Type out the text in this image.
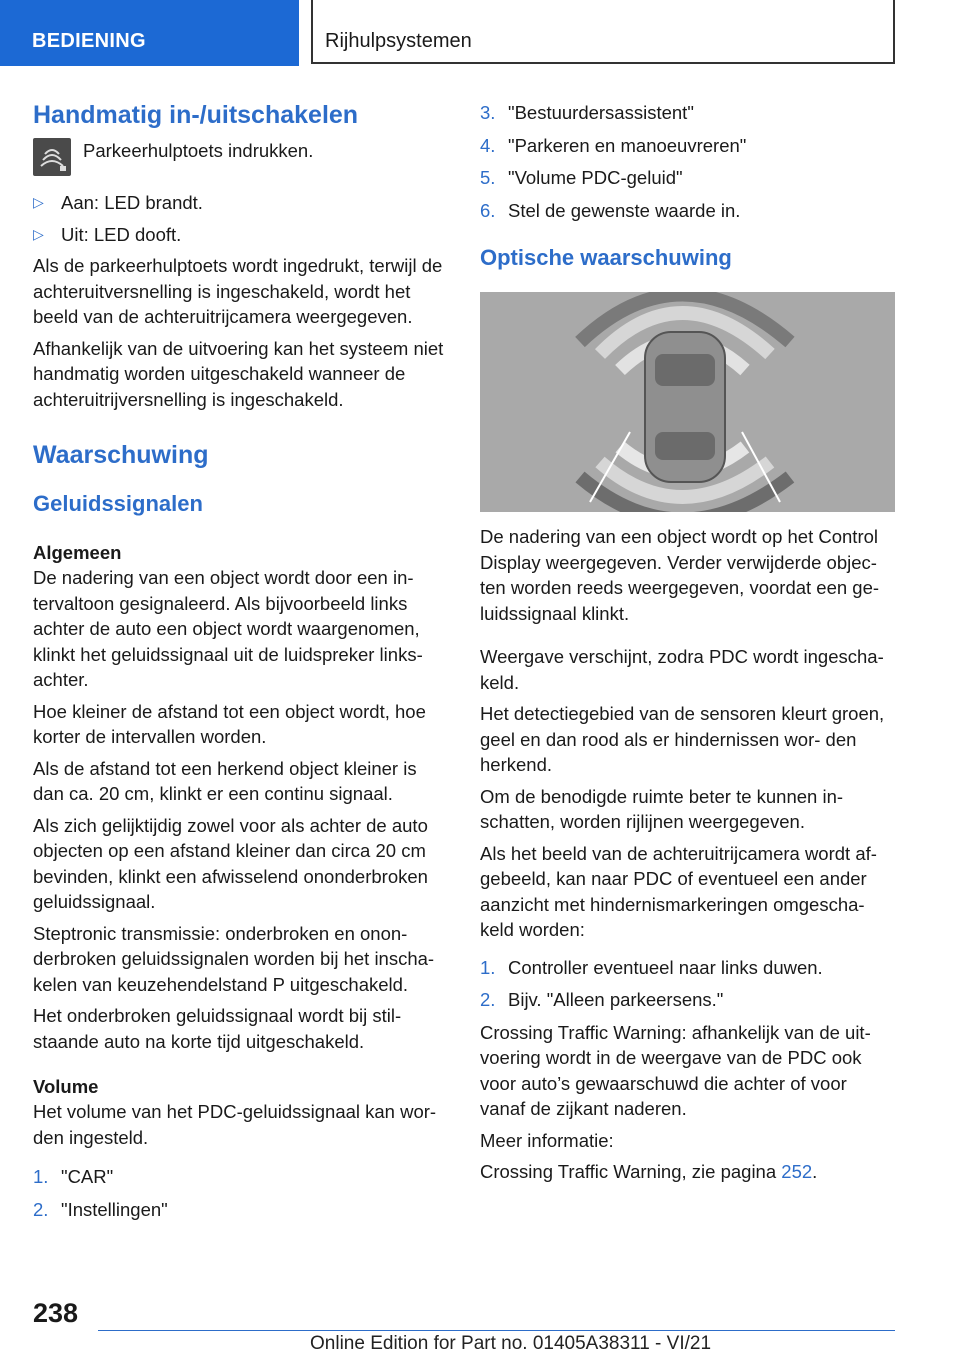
BEDIENING	Rijhulpsystemen
Handmatig in-/uitschakelen

Parkeerhulptoets indrukken.

▷ Aan: LED brandt.
▷ Uit: LED dooft.

Als de parkeerhulptoets wordt ingedrukt, terwijl de achteruitversnelling is ingeschakeld, wordt het beeld van de achteruitrijcamera weergegeven.

Afhankelijk van de uitvoering kan het systeem niet handmatig worden uitgeschakeld wanneer de achteruitrijversnelling is ingeschakeld.

Waarschuwing
Geluidssignalen
Algemeen

De nadering van een object wordt door een in- tervaltoon gesignaleerd. Als bijvoorbeeld links achter de auto een object wordt waargenomen, klinkt het geluidssignaal uit de luidspreker links- achter.

Hoe kleiner de afstand tot een object wordt, hoe korter de intervallen worden.

Als de afstand tot een herkend object kleiner is dan ca. 20 cm, klinkt er een continu signaal.

Als zich gelijktijdig zowel voor als achter de auto objecten op een afstand kleiner dan circa 20 cm bevinden, klinkt een afwisselend ononderbroken geluidssignaal.

Steptronic transmissie: onderbroken en onon- derbroken geluidssignalen worden bij het inscha- kelen van keuzehendelstand P uitgeschakeld.

Het onderbroken geluidssignaal wordt bij stil- staande auto na korte tijd uitgeschakeld.

Volume

Het volume van het PDC-geluidssignaal kan wor- den ingesteld.

1. "CAR"
2. "Instellingen"
3. "Bestuurdersassistent"
4. "Parkeren en manoeuvreren"
5. "Volume PDC-geluid"
6. Stel de gewenste waarde in.
Optische waarschuwing

De nadering van een object wordt op het Control Display weergegeven. Verder verwijderde objec- ten worden reeds weergegeven, voordat een ge- luidssignaal klinkt.

Weergave verschijnt, zodra PDC wordt ingescha- keld.

Het detectiegebied van de sensoren kleurt groen, geel en dan rood als er hindernissen wor- den herkend.

Om de benodigde ruimte beter te kunnen in- schatten, worden rijlijnen weergegeven.

Als het beeld van de achteruitrijcamera wordt af- gebeeld, kan naar PDC of eventueel een ander aanzicht met hindernismarkeringen omgescha- keld worden:

1. Controller eventueel naar links duwen.
2. Bijv. "Alleen parkeersens."

Crossing Traffic Warning: afhankelijk van de uit- voering wordt in de weergave van de PDC ook voor auto’s gewaarschuwd die achter of voor vanaf de zijkant naderen.

Meer informatie:

Crossing Traffic Warning, zie pagina 252.

238
Online Edition for Part no. 01405A38311 - VI/21
